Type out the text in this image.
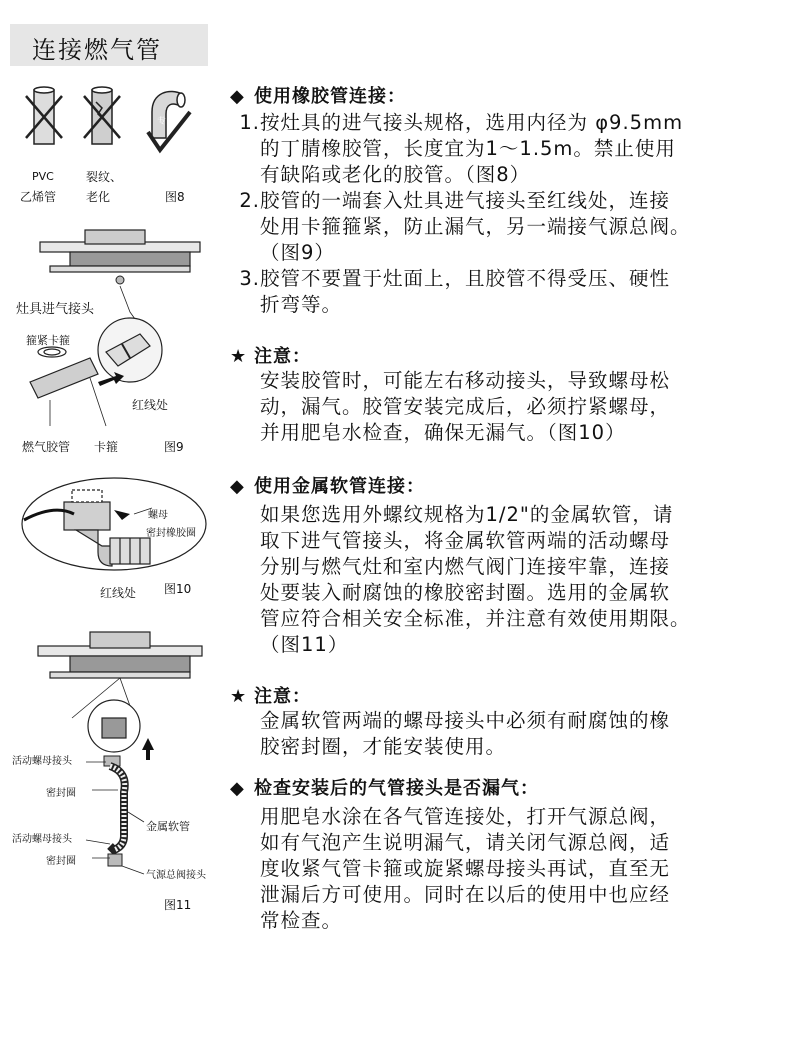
连接燃气管
专用
PVC
乙烯管
裂纹、
老化	图8
灶具进气接头
箍紧卡箍
红线处
燃气胶管 卡箍	图9
螺母
密封橡胶圈
红线处 图10
活动螺母接头
密封圈
金属软管
活动螺母接头
密封圈
气源总阀接头
图11
◆ 使用橡胶管连接：
1. 按灶具的进气接头规格，选用内径为 φ9.5mm
的丁腈橡胶管，长度宜为1～1.5m。禁止使用
有缺陷或老化的胶管。（图8）
2. 胶管的一端套入灶具进气接头至红线处，连接
处用卡箍箍紧，防止漏气，另一端接气源总阀。
（图9）
3. 胶管不要置于灶面上，且胶管不得受压、硬性
折弯等。
★ 注意：
安装胶管时，可能左右移动接头，导致螺母松
动，漏气。胶管安装完成后，必须拧紧螺母，
并用肥皂水检查，确保无漏气。（图10）
◆ 使用金属软管连接：
如果您选用外螺纹规格为1/2"的金属软管，请
取下进气管接头，将金属软管两端的活动螺母
分别与燃气灶和室内燃气阀门连接牢靠，连接
处要装入耐腐蚀的橡胶密封圈。选用的金属软
管应符合相关安全标准，并注意有效使用期限。
（图11）
★ 注意：
金属软管两端的螺母接头中必须有耐腐蚀的橡
胶密封圈，才能安装使用。
◆ 检查安装后的气管接头是否漏气：
用肥皂水涂在各气管连接处，打开气源总阀，
如有气泡产生说明漏气，请关闭气源总阀，适
度收紧气管卡箍或旋紧螺母接头再试，直至无
泄漏后方可使用。同时在以后的使用中也应经
常检查。
